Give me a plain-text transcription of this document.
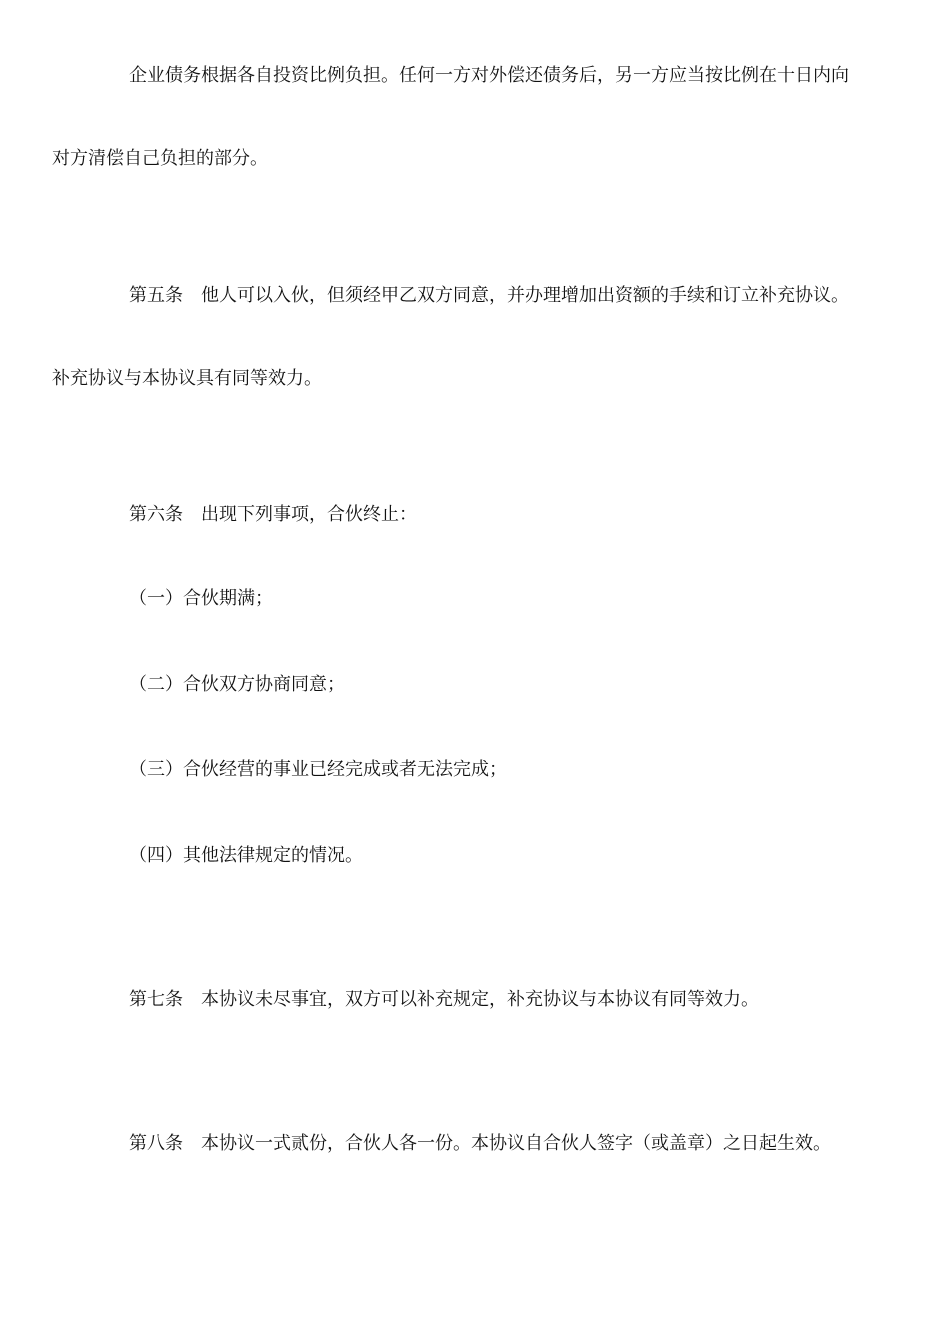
企业债务根据各自投资比例负担。任何一方对外偿还债务后，另一方应当按比例在十日内向
对方清偿自己负担的部分。
第五条　他人可以入伙，但须经甲乙双方同意，并办理增加出资额的手续和订立补充协议。
补充协议与本协议具有同等效力。
第六条　出现下列事项，合伙终止：
（一）合伙期满；
（二）合伙双方协商同意；
（三）合伙经营的事业已经完成或者无法完成；
（四）其他法律规定的情况。
第七条　本协议未尽事宜，双方可以补充规定，补充协议与本协议有同等效力。
第八条　本协议一式贰份，合伙人各一份。本协议自合伙人签字（或盖章）之日起生效。
